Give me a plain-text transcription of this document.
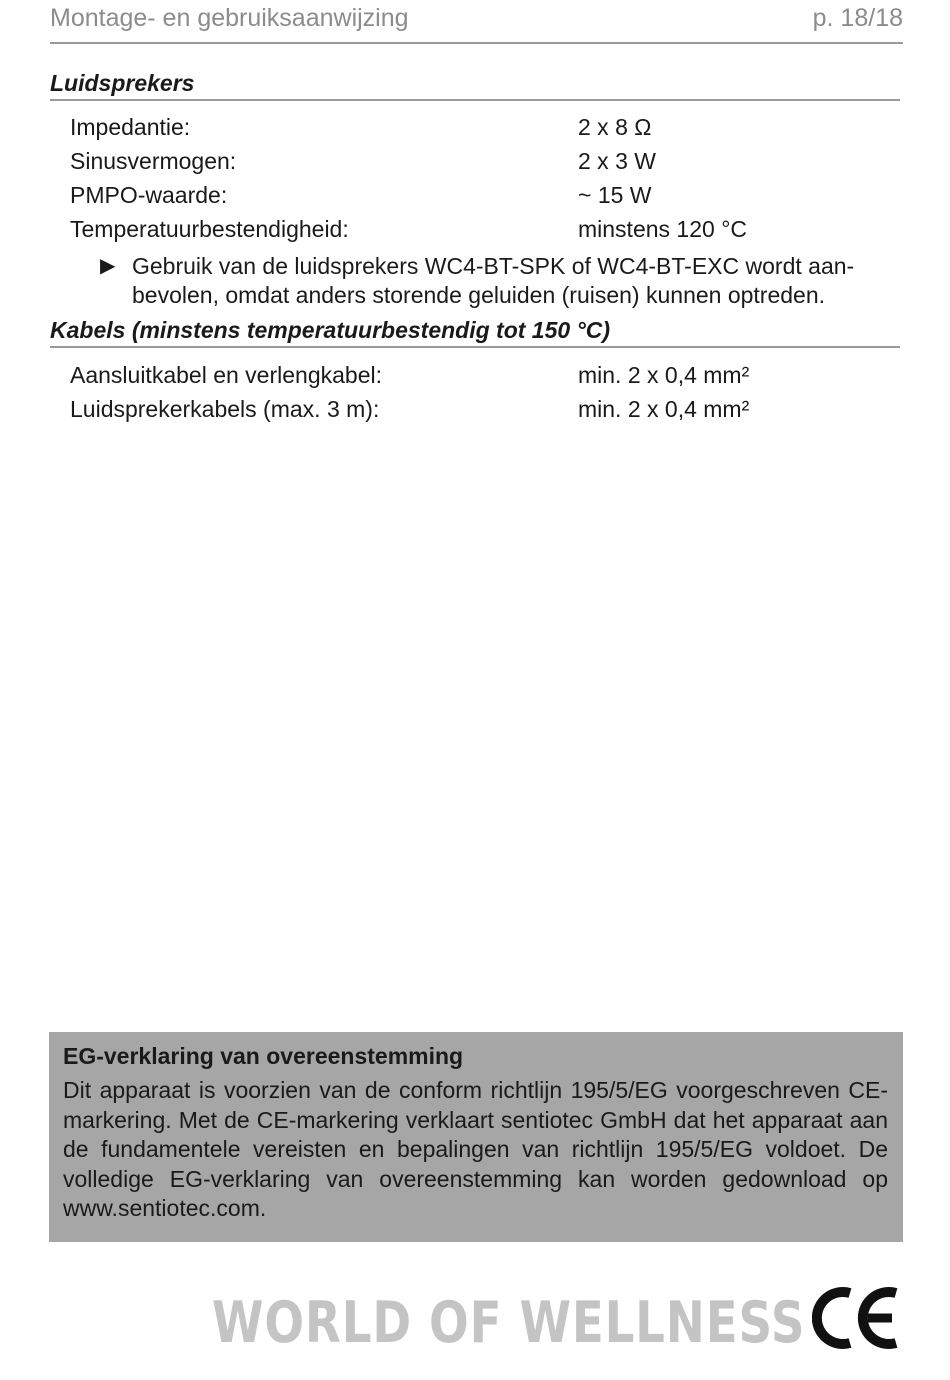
Montage- en gebruiksaanwijzing	p. 18/18
Luidsprekers
Impedantie:	2 x 8 Ω
Sinusvermogen:	2 x 3 W
PMPO-waarde:	~ 15 W
Temperatuurbestendigheid:	minstens 120 °C
▶ Gebruik van de luidsprekers WC4-BT-SPK of WC4-BT-EXC wordt aan-
bevolen, omdat anders storende geluiden (ruisen) kunnen optreden.
Kabels (minstens temperatuurbestendig tot 150 °C)
Aansluitkabel en verlengkabel:	min. 2 x 0,4 mm²
Luidsprekerkabels (max. 3 m):	min. 2 x 0,4 mm²
EG-verklaring van overeenstemming
Dit apparaat is voorzien van de conform richtlijn 195/5/EG voorgeschreven CE-markering. Met de CE-markering verklaart sentiotec GmbH dat het apparaat aan de fundamentele vereisten en bepalingen van richtlijn 195/5/EG voldoet. De volledige EG-verklaring van overeenstemming kan worden gedownload op www.sentiotec.com.
WORLD OF WELLNESS
